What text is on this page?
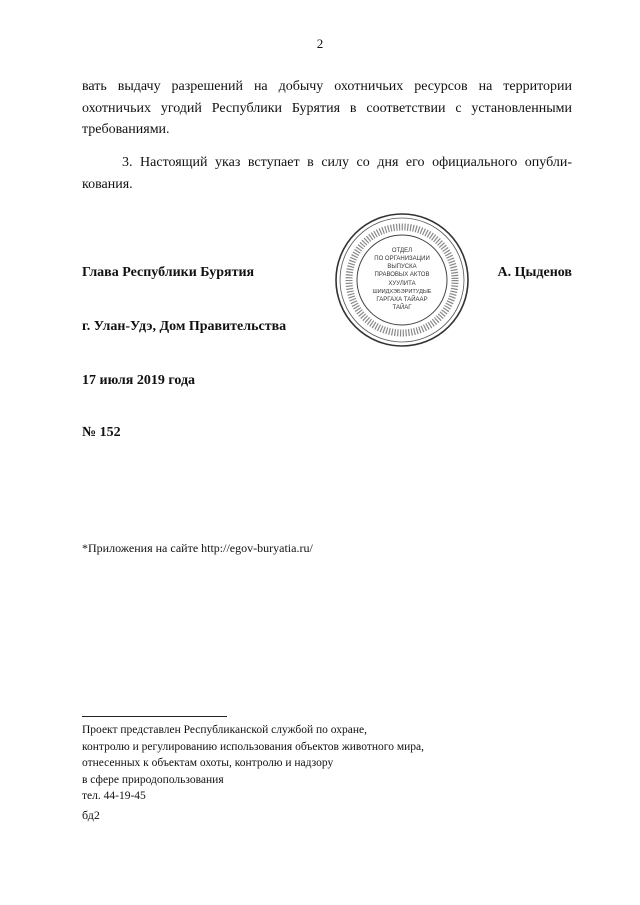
2
вать выдачу разрешений на добычу охотничьих ресурсов на территории охотничьих угодий Республики Бурятия в соответствии с установленными требованиями.
3. Настоящий указ вступает в силу со дня его официального опубли- кования.
Глава Республики Бурятия	А. Цыденов
ОТДЕЛ
ПО ОРГАНИЗАЦИИ
ВЫПУСКА
ПРАВОВЫХ АКТОВ
ХУУЛИТА
ШИИДХЭБЭРИТУДЫЕ
ГАРГАХА ТАЙААР
ТАЙАГ
г. Улан-Удэ, Дом Правительства
17 июля 2019 года
№ 152
*Приложения на сайте http://egov-buryatia.ru/
Проект представлен Республиканской службой по охране,
контролю и регулированию использования объектов животного мира,
отнесенных к объектам охоты, контролю и надзору
в сфере природопользования
тел. 44-19-45
бд2
